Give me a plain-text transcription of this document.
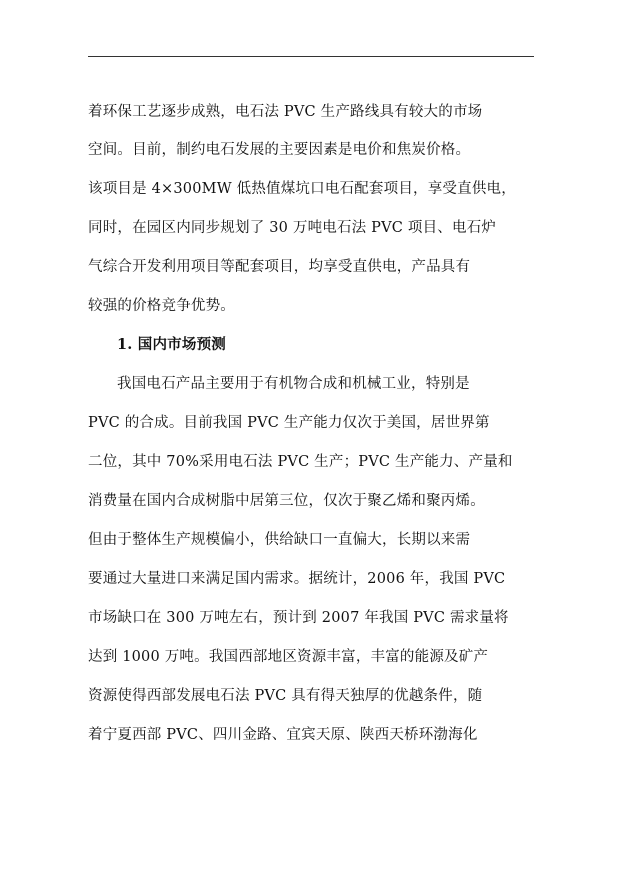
着环保工艺逐步成熟，电石法 PVC 生产路线具有较大的市场
空间。目前，制约电石发展的主要因素是电价和焦炭价格。
该项目是 4×300MW 低热值煤坑口电石配套项目，享受直供电，
同时，在园区内同步规划了 30 万吨电石法 PVC 项目、电石炉
气综合开发利用项目等配套项目，均享受直供电，产品具有
较强的价格竞争优势。
1. 国内市场预测
我国电石产品主要用于有机物合成和机械工业，特别是
PVC 的合成。目前我国 PVC 生产能力仅次于美国，居世界第
二位，其中 70%采用电石法 PVC 生产；PVC 生产能力、产量和
消费量在国内合成树脂中居第三位，仅次于聚乙烯和聚丙烯。
但由于整体生产规模偏小，供给缺口一直偏大，长期以来需
要通过大量进口来满足国内需求。据统计，2006 年，我国 PVC
市场缺口在 300 万吨左右，预计到 2007 年我国 PVC 需求量将
达到 1000 万吨。我国西部地区资源丰富，丰富的能源及矿产
资源使得西部发展电石法 PVC 具有得天独厚的优越条件，随
着宁夏西部 PVC、四川金路、宜宾天原、陕西天桥环渤海化
